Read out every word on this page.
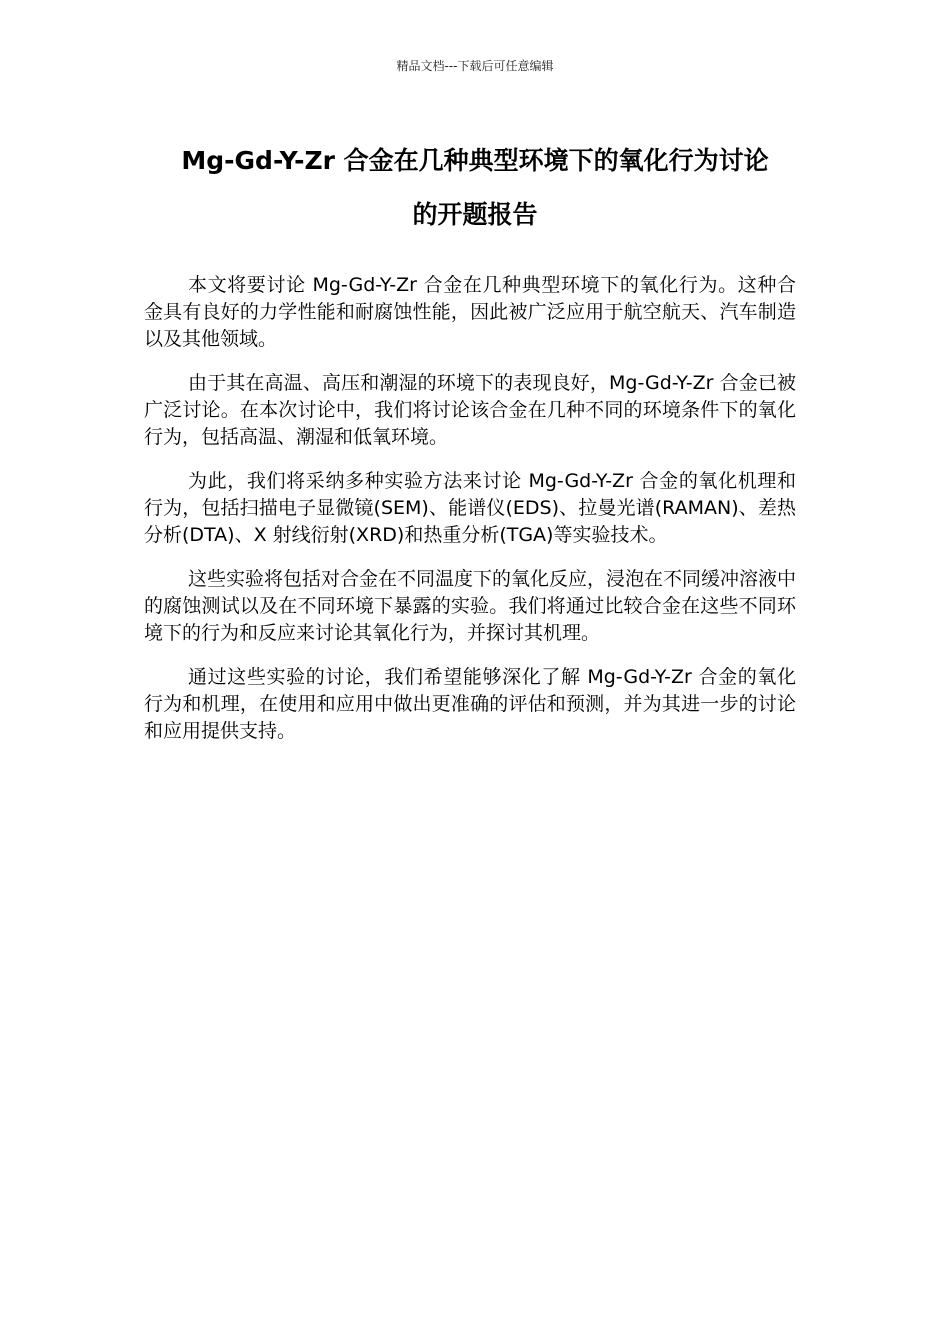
精品文档---下载后可任意编辑
Mg-Gd-Y-Zr 合金在几种典型环境下的氧化行为讨论
的开题报告

本文将要讨论 Mg-Gd-Y-Zr 合金在几种典型环境下的氧化行为。这种合金具有良好的力学性能和耐腐蚀性能，因此被广泛应用于航空航天、汽车制造以及其他领域。

由于其在高温、高压和潮湿的环境下的表现良好，Mg-Gd-Y-Zr 合金已被广泛讨论。在本次讨论中，我们将讨论该合金在几种不同的环境条件下的氧化行为，包括高温、潮湿和低氧环境。

为此，我们将采纳多种实验方法来讨论 Mg-Gd-Y-Zr 合金的氧化机理和行为，包括扫描电子显微镜(SEM)、能谱仪(EDS)、拉曼光谱(RAMAN)、差热分析(DTA)、X 射线衍射(XRD)和热重分析(TGA)等实验技术。

这些实验将包括对合金在不同温度下的氧化反应，浸泡在不同缓冲溶液中的腐蚀测试以及在不同环境下暴露的实验。我们将通过比较合金在这些不同环境下的行为和反应来讨论其氧化行为，并探讨其机理。

通过这些实验的讨论，我们希望能够深化了解 Mg-Gd-Y-Zr 合金的氧化行为和机理，在使用和应用中做出更准确的评估和预测，并为其进一步的讨论和应用提供支持。
